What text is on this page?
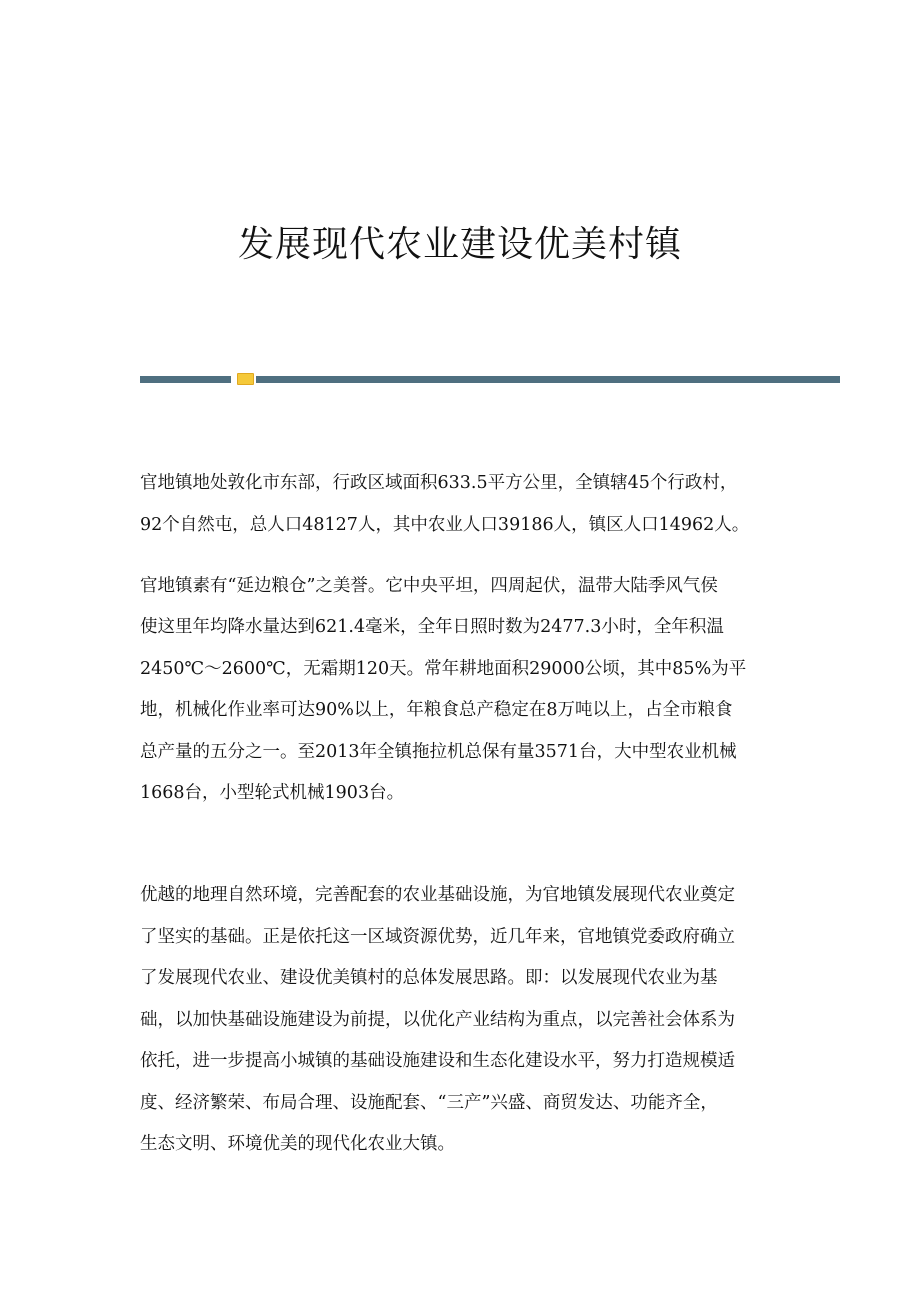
发展现代农业建设优美村镇
官地镇地处敦化市东部，行政区域面积633.5平方公里，全镇辖45个行政村，
92个自然屯，总人口48127人，其中农业人口39186人，镇区人口14962人。
官地镇素有“延边粮仓”之美誉。它中央平坦，四周起伏，温带大陆季风气侯
使这里年均降水量达到621.4毫米，全年日照时数为2477.3小时，全年积温
2450℃～2600℃，无霜期120天。常年耕地面积29000公顷，其中85%为平
地，机械化作业率可达90%以上，年粮食总产稳定在8万吨以上，占全市粮食
总产量的五分之一。至2013年全镇拖拉机总保有量3571台，大中型农业机械
1668台，小型轮式机械1903台。
优越的地理自然环境，完善配套的农业基础设施，为官地镇发展现代农业奠定
了坚实的基础。正是依托这一区域资源优势，近几年来，官地镇党委政府确立
了发展现代农业、建设优美镇村的总体发展思路。即：以发展现代农业为基
础，以加快基础设施建设为前提，以优化产业结构为重点，以完善社会体系为
依托，进一步提高小城镇的基础设施建设和生态化建设水平，努力打造规模适
度、经济繁荣、布局合理、设施配套、“三产”兴盛、商贸发达、功能齐全，
生态文明、环境优美的现代化农业大镇。
